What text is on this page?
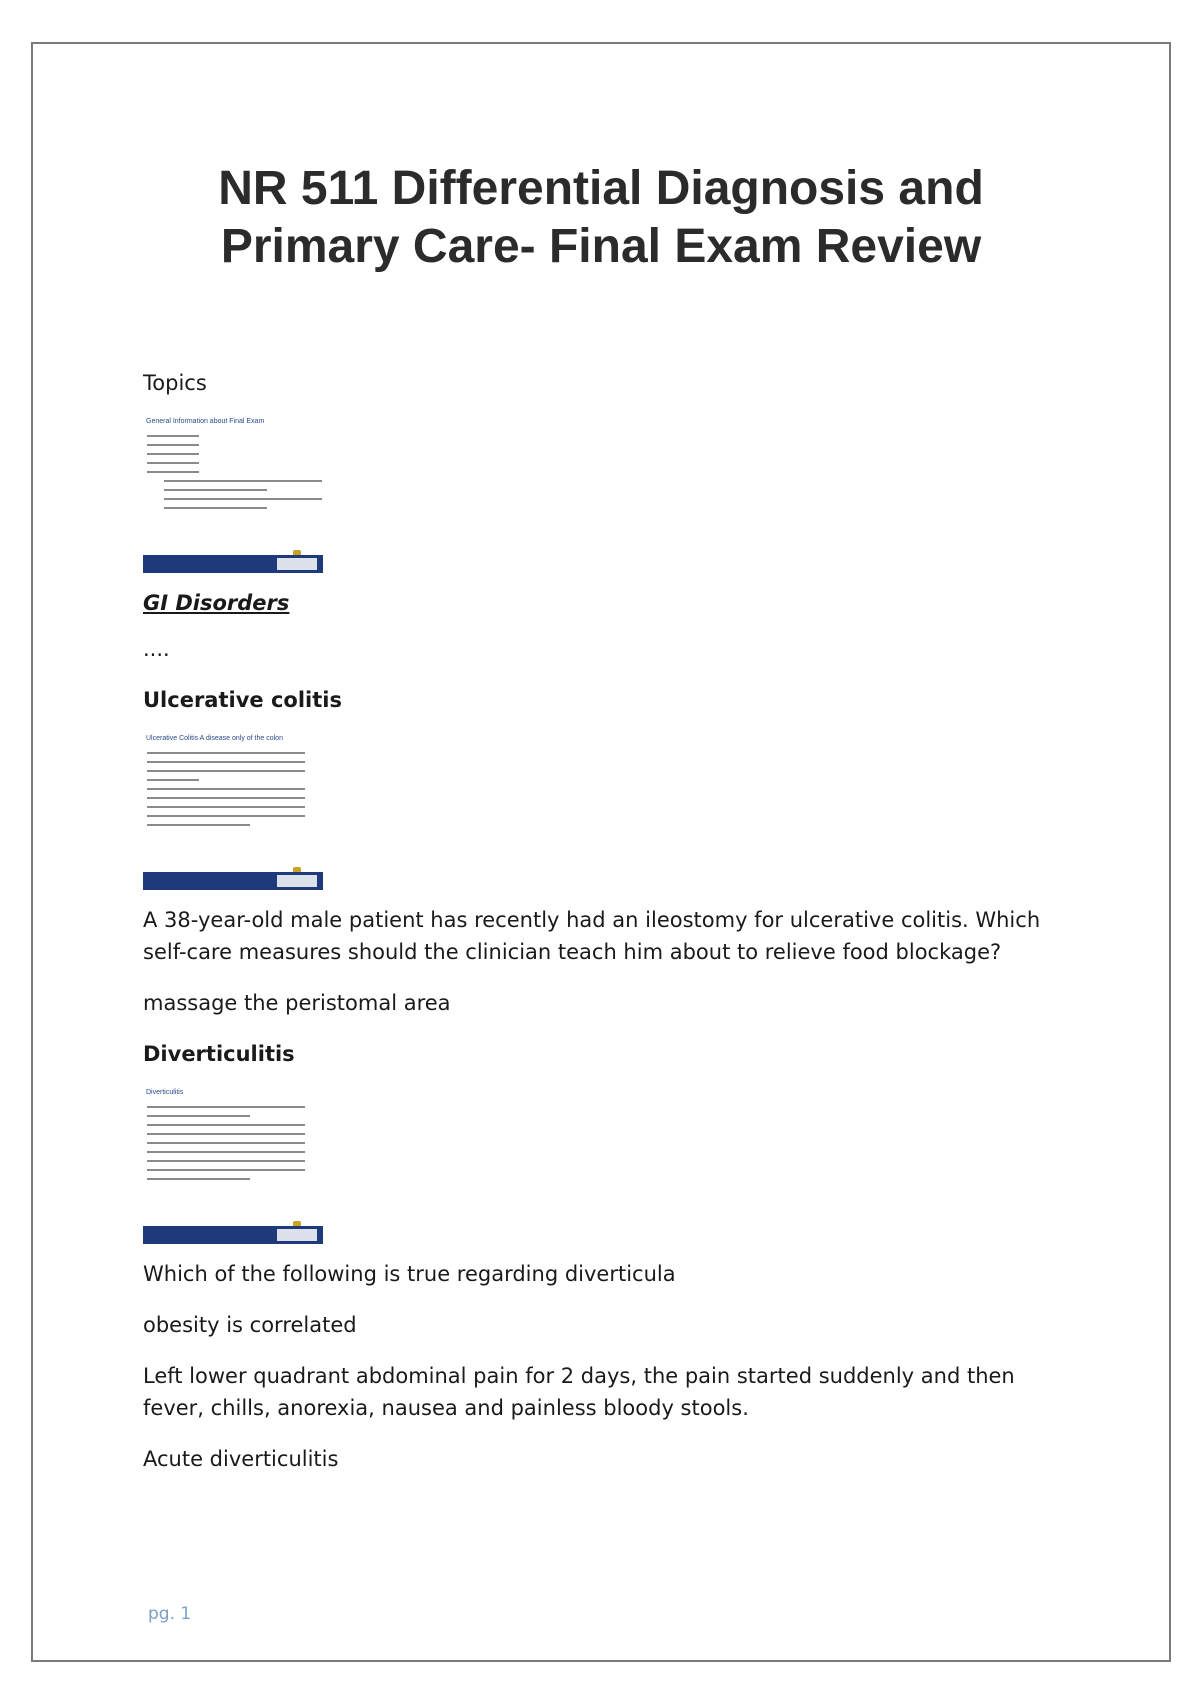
NR 511 Differential Diagnosis and
Primary Care- Final Exam Review

Topics

General Information about Final Exam

GI Disorders

....

Ulcerative colitis

Ulcerative Colitis A disease only of the colon

A 38-year-old male patient has recently had an ileostomy for ulcerative colitis. Which self-care measures should the clinician teach him about to relieve food blockage?

massage the peristomal area

Diverticulitis

Diverticulitis

Which of the following is true regarding diverticula

obesity is correlated

Left lower quadrant abdominal pain for 2 days, the pain started suddenly and then fever, chills, anorexia, nausea and painless bloody stools.

Acute diverticulitis

pg. 1
